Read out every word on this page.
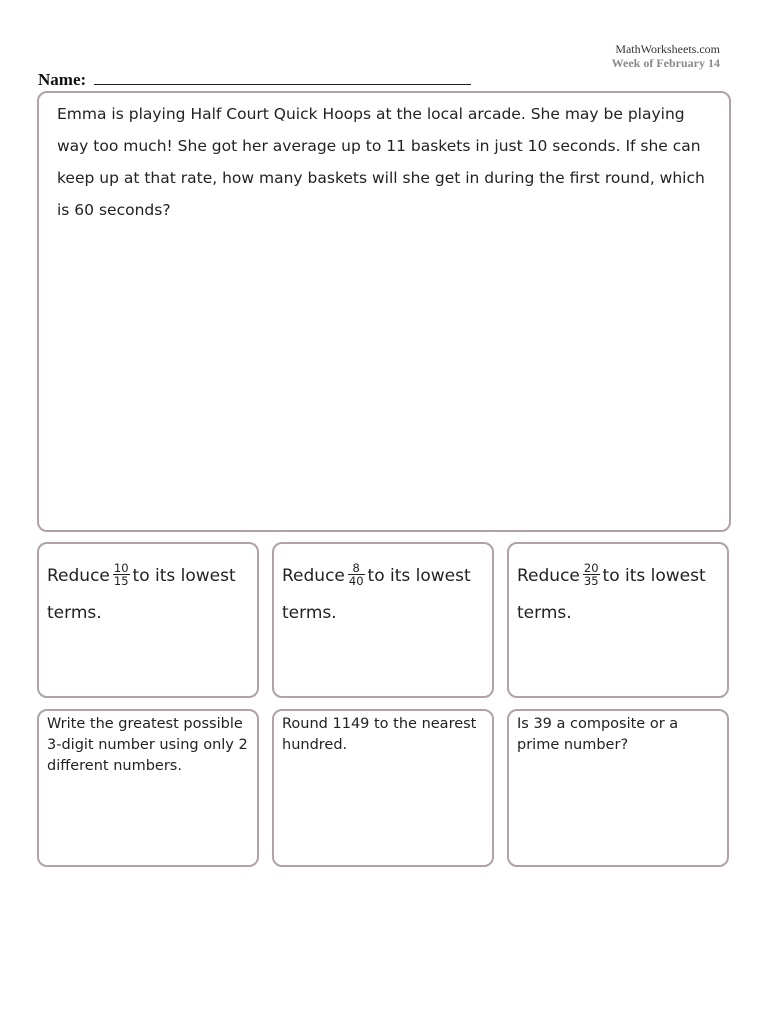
MathWorksheets.com
Week of February 14
Name:
Emma is playing Half Court Quick Hoops at the local arcade. She may be playing way too much! She got her average up to 11 baskets in just 10 seconds. If she can keep up at that rate, how many baskets will she get in during the first round, which is 60 seconds?
Reduce $\frac{10}{15}$ to its lowest terms.
Reduce $\frac{8}{40}$ to its lowest terms.
Reduce $\frac{20}{35}$ to its lowest terms.
Write the greatest possible 3-digit number using only 2 different numbers.
Round 1149 to the nearest hundred.
Is 39 a composite or a prime number?
